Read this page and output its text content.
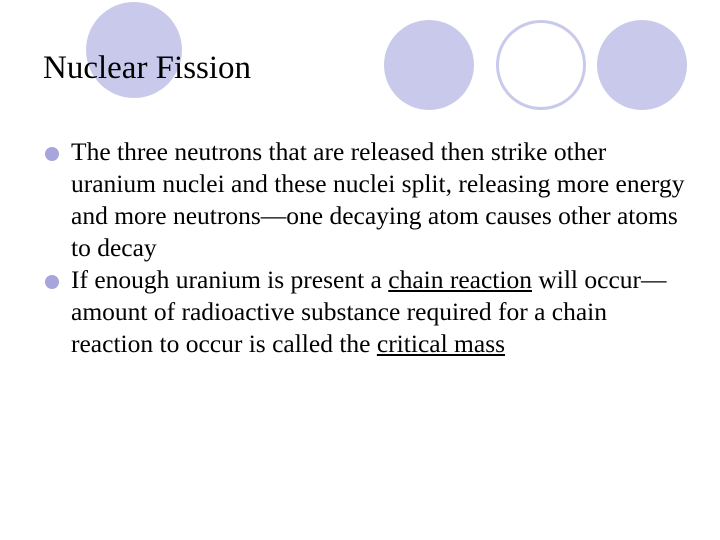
Nuclear Fission
The three neutrons that are released then strike other uranium nuclei and these nuclei split, releasing more energy and more neutrons—one decaying atom causes other atoms to decay
If enough uranium is present a chain reaction will occur—amount of radioactive substance required for a chain reaction to occur is called the critical mass
